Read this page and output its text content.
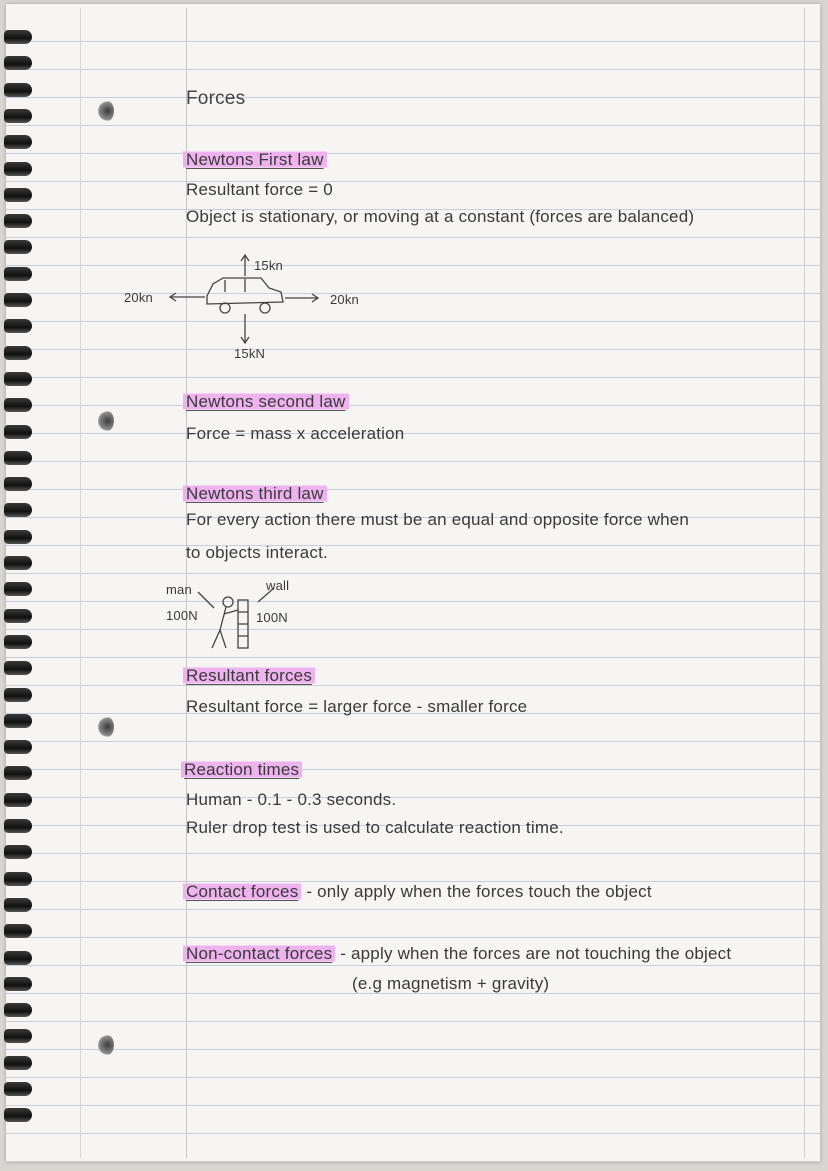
Forces
Newtons First law
Resultant force = 0
Object is stationary, or moving at a constant (forces are balanced)
15kn
20kn	20kn
15kN
Newtons second law
Force = mass x acceleration
Newtons third law
For every action there must be an equal and opposite force when
to objects interact.
man	wall
100N	100N
Resultant forces
Resultant force = larger force - smaller force
Reaction times
Human - 0.1 - 0.3 seconds.
Ruler drop test is used to calculate reaction time.
Contact forces - only apply when the forces touch the object
Non-contact forces - apply when the forces are not touching the object
(e.g magnetism + gravity)
